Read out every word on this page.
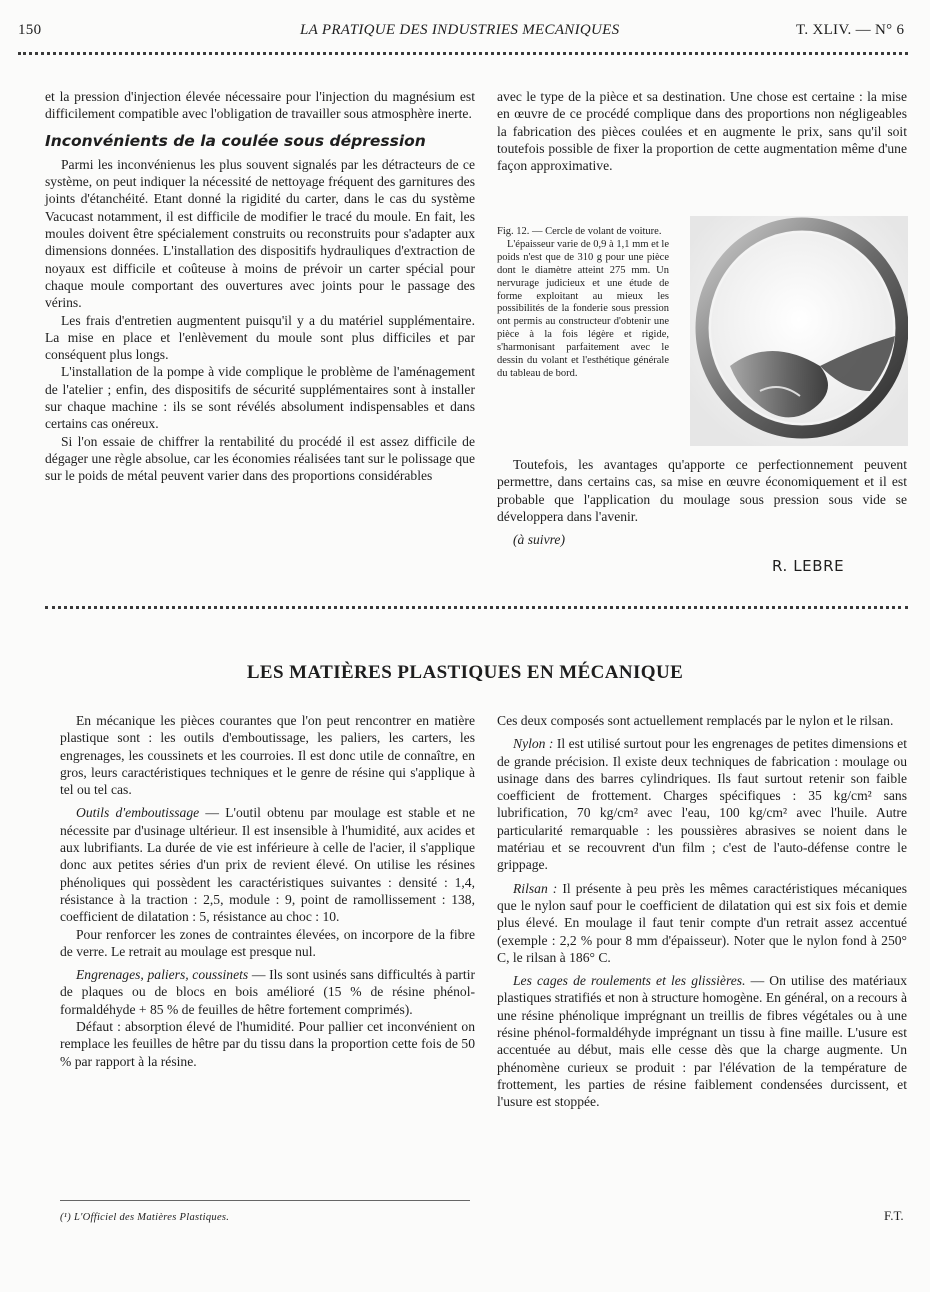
150	LA PRATIQUE DES INDUSTRIES MECANIQUES	T. XLIV. — N° 6

et la pression d'injection élevée nécessaire pour l'injection du magnésium est difficilement compatible avec l'obligation de travailler sous atmosphère inerte.

Inconvénients de la coulée sous dépression

Parmi les inconvénienus les plus souvent signalés par les détracteurs de ce système, on peut indiquer la nécessité de nettoyage fréquent des garnitures des joints d'étanchéité. Etant donné la rigidité du carter, dans le cas du système Vacucast notamment, il est difficile de modifier le tracé du moule. En fait, les moules doivent être spécialement construits ou reconstruits pour s'adapter aux dimensions données. L'installation des dispositifs hydrauliques d'extraction de noyaux est difficile et coûteuse à moins de prévoir un carter spécial pour chaque moule comportant des ouvertures avec joints pour le passage des vérins.

Les frais d'entretien augmentent puisqu'il y a du matériel supplémentaire. La mise en place et l'enlèvement du moule sont plus difficiles et par conséquent plus longs.

L'installation de la pompe à vide complique le problème de l'aménagement de l'atelier ; enfin, des dispositifs de sécurité supplémentaires sont à installer sur chaque machine : ils se sont révélés absolument indispensables et dans certains cas onéreux.

Si l'on essaie de chiffrer la rentabilité du procédé il est assez difficile de dégager une règle absolue, car les économies réalisées tant sur le polissage que sur le poids de métal peuvent varier dans des proportions considérables

avec le type de la pièce et sa destination. Une chose est certaine : la mise en œuvre de ce procédé complique dans des proportions non négligeables la fabrication des pièces coulées et en augmente le prix, sans qu'il soit toutefois possible de fixer la proportion de cette augmentation même d'une façon approximative.

Fig. 12. — Cercle de volant de voiture.

L'épaisseur varie de 0,9 à 1,1 mm et le poids n'est que de 310 g pour une pièce dont le diamètre atteint 275 mm. Un nervurage judicieux et une étude de forme exploitant au mieux les possibilités de la fonderie sous pression ont permis au constructeur d'obtenir une pièce à la fois légère et rigide, s'harmonisant parfaitement avec le dessin du volant et l'esthétique générale du tableau de bord.

Toutefois, les avantages qu'apporte ce perfectionnement peuvent permettre, dans certains cas, sa mise en œuvre économiquement et il est probable que l'application du moulage sous pression sous vide se développera dans l'avenir.

(à suivre)

R. LEBRE
LES MATIÈRES PLASTIQUES EN MÉCANIQUE

En mécanique les pièces courantes que l'on peut rencontrer en matière plastique sont : les outils d'emboutissage, les paliers, les carters, les engrenages, les coussinets et les courroies. Il est donc utile de connaître, en gros, leurs caractéristiques techniques et le genre de résine qui s'applique à tel ou tel cas.

Outils d'emboutissage — L'outil obtenu par moulage est stable et ne nécessite par d'usinage ultérieur. Il est insensible à l'humidité, aux acides et aux lubrifiants. La durée de vie est inférieure à celle de l'acier, il s'applique donc aux petites séries d'un prix de revient élevé. On utilise les résines phénoliques qui possèdent les caractéristiques suivantes : densité : 1,4, résistance à la traction : 2,5, module : 9, point de ramollissement : 138, coefficient de dilatation : 5, résistance au choc : 10.

Pour renforcer les zones de contraintes élevées, on incorpore de la fibre de verre. Le retrait au moulage est presque nul.

Engrenages, paliers, coussinets — Ils sont usinés sans difficultés à partir de plaques ou de blocs en bois amélioré (15 % de résine phénol-formaldéhyde + 85 % de feuilles de hêtre fortement comprimés).

Défaut : absorption élevé de l'humidité. Pour pallier cet inconvénient on remplace les feuilles de hêtre par du tissu dans la proportion cette fois de 50 % par rapport à la résine.

(¹) L'Officiel des Matières Plastiques.

Ces deux composés sont actuellement remplacés par le nylon et le rilsan.

Nylon : Il est utilisé surtout pour les engrenages de petites dimensions et de grande précision. Il existe deux techniques de fabrication : moulage ou usinage dans des barres cylindriques. Ils faut surtout retenir son faible coefficient de frottement. Charges spécifiques : 35 kg/cm² sans lubrification, 70 kg/cm² avec l'eau, 100 kg/cm² avec l'huile. Autre particularité remarquable : les poussières abrasives se noient dans le matériau et se recouvrent d'un film ; c'est de l'auto-défense contre le grippage.

Rilsan : Il présente à peu près les mêmes caractéristiques mécaniques que le nylon sauf pour le coefficient de dilatation qui est six fois et demie plus élevé. En moulage il faut tenir compte d'un retrait assez accentué (exemple : 2,2 % pour 8 mm d'épaisseur). Noter que le nylon fond à 250° C, le rilsan à 186° C.

Les cages de roulements et les glissières. — On utilise des matériaux plastiques stratifiés et non à structure homogène. En général, on a recours à une résine phénolique imprégnant un treillis de fibres végétales ou à une résine phénol-formaldéhyde imprégnant un tissu à fine maille. L'usure est accentuée au début, mais elle cesse dès que la charge augmente. Un phénomène curieux se produit : par l'élévation de la température de frottement, les parties de résine faiblement condensées durcissent, et l'usure est stoppée.

F.T.
